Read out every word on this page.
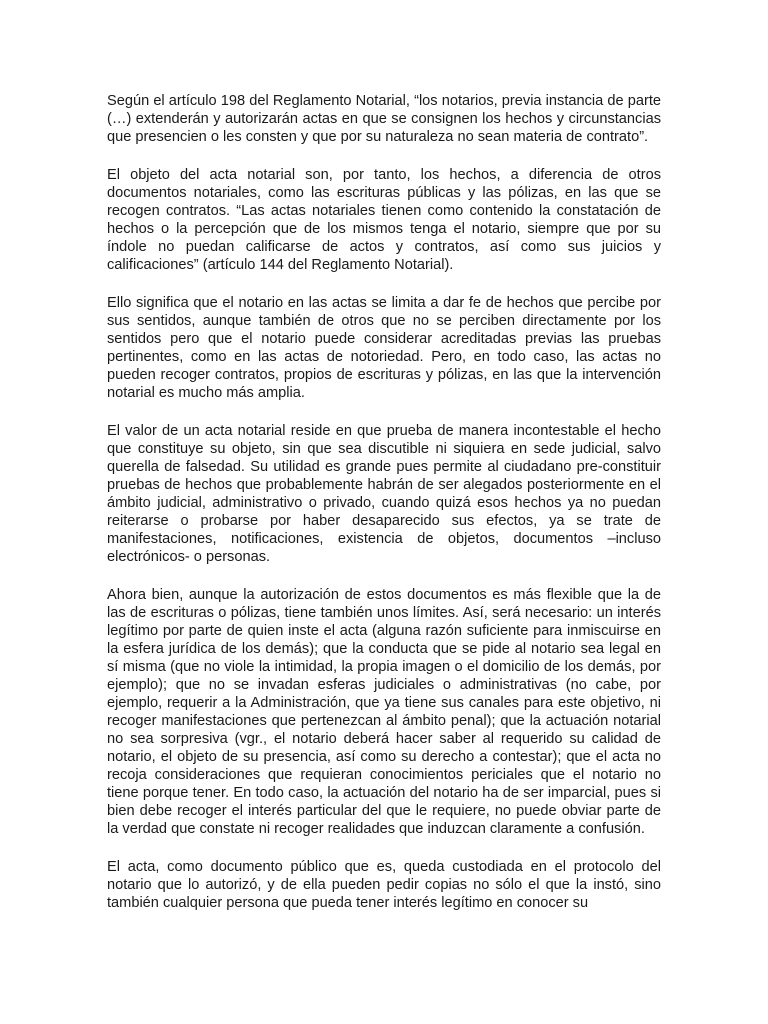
Según el artículo 198 del Reglamento Notarial, “los notarios, previa instancia de parte (…) extenderán y autorizarán actas en que se consignen los hechos y circunstancias que presencien o les consten y que por su naturaleza no sean materia de contrato”.

El objeto del acta notarial son, por tanto, los hechos, a diferencia de otros documentos notariales, como las escrituras públicas y las pólizas, en las que se recogen contratos. “Las actas notariales tienen como contenido la constatación de hechos o la percepción que de los mismos tenga el notario, siempre que por su índole no puedan calificarse de actos y contratos, así como sus juicios y calificaciones” (artículo 144 del Reglamento Notarial).

Ello significa que el notario en las actas se limita a dar fe de hechos que percibe por sus sentidos, aunque también de otros que no se perciben directamente por los sentidos pero que el notario puede considerar acreditadas previas las pruebas pertinentes, como en las actas de notoriedad. Pero, en todo caso, las actas no pueden recoger contratos, propios de escrituras y pólizas, en las que la intervención notarial es mucho más amplia.

El valor de un acta notarial reside en que prueba de manera incontestable el hecho que constituye su objeto, sin que sea discutible ni siquiera en sede judicial, salvo querella de falsedad. Su utilidad es grande pues permite al ciudadano pre-constituir pruebas de hechos que probablemente habrán de ser alegados posteriormente en el ámbito judicial, administrativo o privado, cuando quizá esos hechos ya no puedan reiterarse o probarse por haber desaparecido sus efectos, ya se trate de manifestaciones, notificaciones, existencia de objetos, documentos –incluso electrónicos- o personas.

Ahora bien, aunque la autorización de estos documentos es más flexible que la de las de escrituras o pólizas, tiene también unos límites. Así, será necesario: un interés legítimo por parte de quien inste el acta (alguna razón suficiente para inmiscuirse en la esfera jurídica de los demás); que la conducta que se pide al notario sea legal en sí misma (que no viole la intimidad, la propia imagen o el domicilio de los demás, por ejemplo); que no se invadan esferas judiciales o administrativas (no cabe, por ejemplo, requerir a la Administración, que ya tiene sus canales para este objetivo, ni recoger manifestaciones que pertenezcan al ámbito penal); que la actuación notarial no sea sorpresiva (vgr., el notario deberá hacer saber al requerido su calidad de notario, el objeto de su presencia, así como su derecho a contestar); que el acta no recoja consideraciones que requieran conocimientos periciales que el notario no tiene porque tener. En todo caso, la actuación del notario ha de ser imparcial, pues si bien debe recoger el interés particular del que le requiere, no puede obviar parte de la verdad que constate ni recoger realidades que induzcan claramente a confusión.

El acta, como documento público que es, queda custodiada en el protocolo del notario que lo autorizó, y de ella pueden pedir copias no sólo el que la instó, sino también cualquier persona que pueda tener interés legítimo en conocer su
